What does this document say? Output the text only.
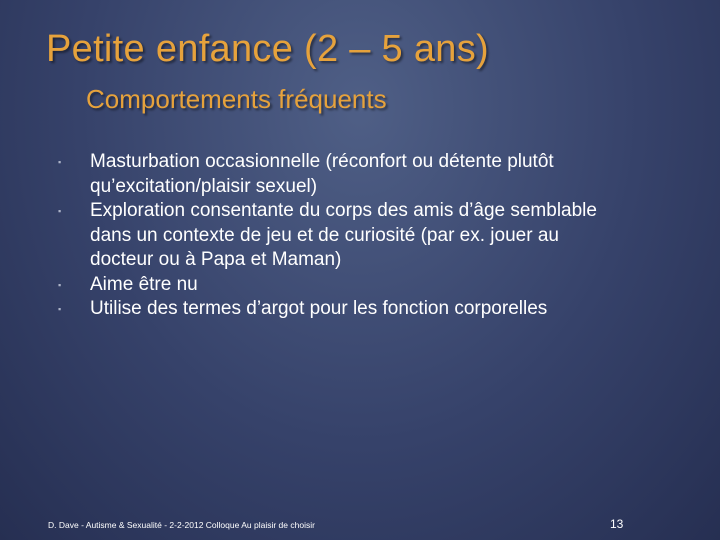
Petite enfance (2 – 5 ans)
Comportements fréquents
▪ Masturbation occasionnelle (réconfort ou détente plutôt
qu’excitation/plaisir sexuel)
▪ Exploration consentante du corps des amis d’âge semblable
dans un contexte de jeu et de curiosité (par ex. jouer au
docteur ou à Papa et Maman)
▪ Aime être nu
▪ Utilise des termes d’argot pour les fonction corporelles
D. Dave - Autisme & Sexualité - 2-2-2012 Colloque Au plaisir de choisir	13
